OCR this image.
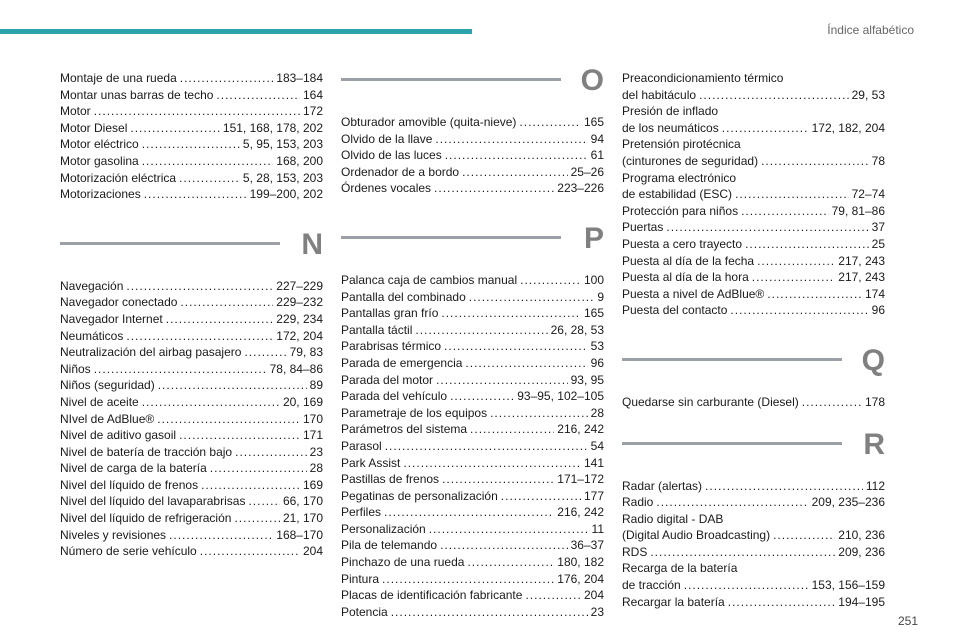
Índice alfabético
Montaje de una rueda .....	183–184
Montar unas barras de techo .....	164
Motor .....	172
Motor Diesel .....	151, 168, 178, 202
Motor eléctrico .....	5, 95, 153, 203
Motor gasolina .....	168, 200
Motorización eléctrica .....	5, 28, 153, 203
Motorizaciones .....	199–200, 202
N
Navegación .....	227–229
Navegador conectado .....	229–232
Navegador Internet .....	229, 234
Neumáticos .....	172, 204
Neutralización del airbag pasajero .....	79, 83
Niños .....	78, 84–86
Niños (seguridad) .....	89
Nivel de aceite .....	20, 169
NIvel de AdBlue® .....	170
Nivel de aditivo gasoil .....	171
Nivel de batería de tracción bajo .....	23
Nivel de carga de la batería .....	28
Nivel del líquido de frenos .....	169
Nivel del líquido del lavaparabrisas .....	66, 170
Nivel del líquido de refrigeración .....	21, 170
Niveles y revisiones .....	168–170
Número de serie vehículo .....	204
O
Obturador amovible (quita-nieve) .....	165
Olvido de la llave .....	94
Olvido de las luces .....	61
Ordenador de a bordo .....	25–26
Órdenes vocales .....	223–226
P
Palanca caja de cambios manual .....	100
Pantalla del combinado .....	9
Pantallas gran frío .....	165
Pantalla táctil .....	26, 28, 53
Parabrisas térmico .....	53
Parada de emergencia .....	96
Parada del motor .....	93, 95
Parada del vehículo .....	93–95, 102–105
Parametraje de los equipos .....	28
Parámetros del sistema .....	216, 242
Parasol .....	54
Park Assist .....	141
Pastillas de frenos .....	171–172
Pegatinas de personalización .....	177
Perfiles .....	216, 242
Personalización .....	11
Pila de telemando .....	36–37
Pinchazo de una rueda .....	180, 182
Pintura .....	176, 204
Placas de identificación fabricante .....	204
Potencia .....	23
Preacondicionamiento térmico
del habitáculo .....	29, 53
Presión de inflado
de los neumáticos .....	172, 182, 204
Pretensión pirotécnica
(cinturones de seguridad) .....	78
Programa electrónico
de estabilidad (ESC) .....	72–74
Protección para niños .....	79, 81–86
Puertas .....	37
Puesta a cero trayecto .....	25
Puesta al día de la fecha .....	217, 243
Puesta al día de la hora .....	217, 243
Puesta a nivel de AdBlue® .....	174
Puesta del contacto .....	96
Q
Quedarse sin carburante (Diesel) .....	178
R
Radar (alertas) .....	112
Radio .....	209, 235–236
Radio digital - DAB
(Digital Audio Broadcasting) .....	210, 236
RDS .....	209, 236
Recarga de la batería
de tracción .....	153, 156–159
Recargar la batería .....	194–195
251
